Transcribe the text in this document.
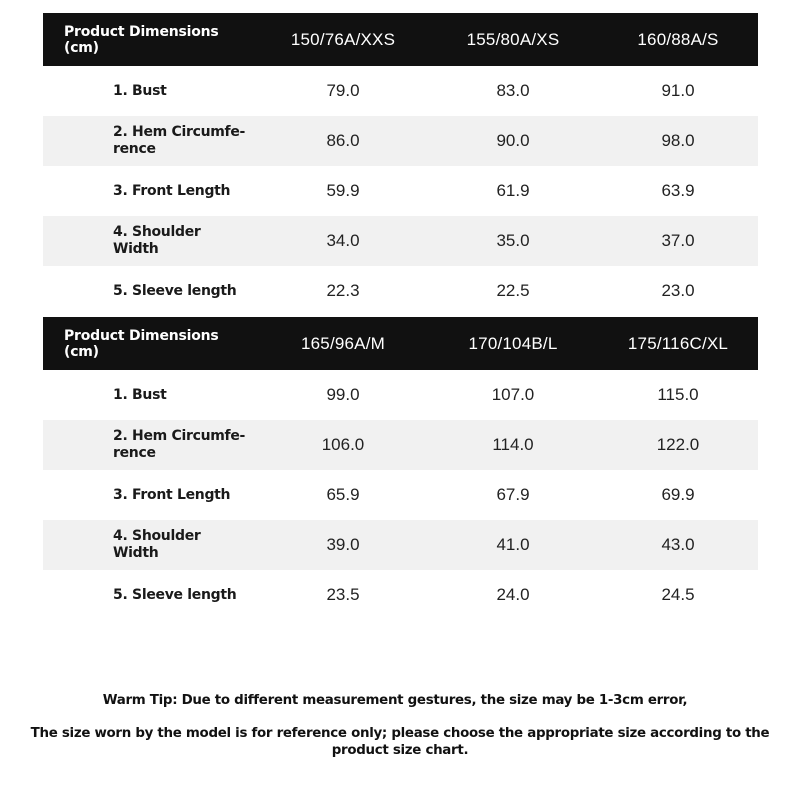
Product Dimensions (cm)	150/76A/XXS	155/80A/XS	160/88A/S
1. Bust	79.0	83.0	91.0
2. Hem Circumfe-rence	86.0	90.0	98.0
3. Front Length	59.9	61.9	63.9
4. Shoulder Width	34.0	35.0	37.0
5. Sleeve length	22.3	22.5	23.0
Product Dimensions (cm)	165/96A/M	170/104B/L	175/116C/XL
1. Bust	99.0	107.0	115.0
2. Hem Circumfe-rence	106.0	114.0	122.0
3. Front Length	65.9	67.9	69.9
4. Shoulder Width	39.0	41.0	43.0
5. Sleeve length	23.5	24.0	24.5
Warm Tip: Due to different measurement gestures, the size may be 1-3cm error,
The size worn by the model is for reference only; please choose the appropriate size according to the product size chart.
